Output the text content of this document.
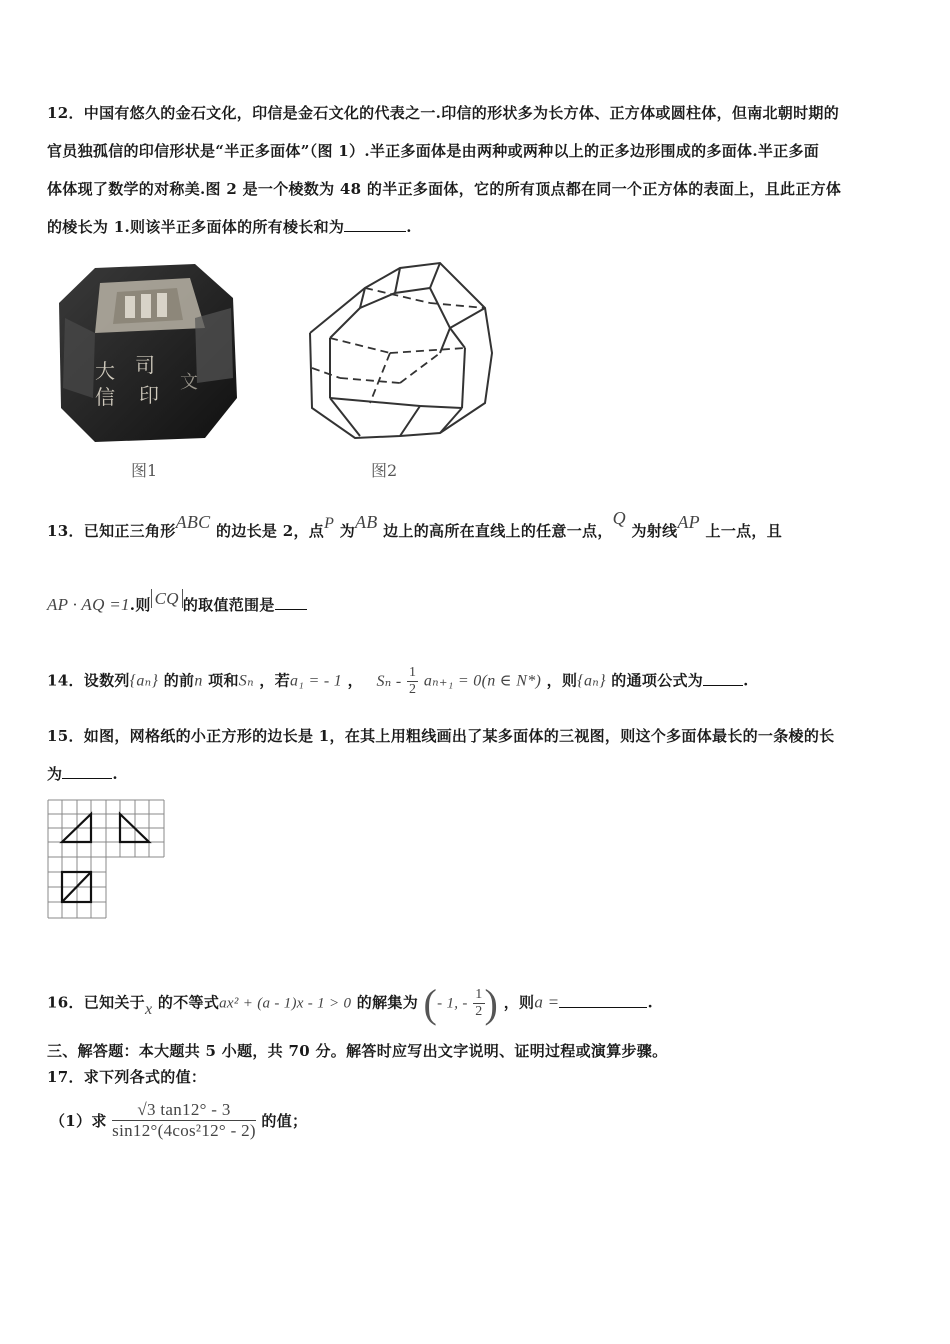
12．中国有悠久的金石文化，印信是金石文化的代表之一.印信的形状多为长方体、正方体或圆柱体，但南北朝时期的
官员独孤信的印信形状是“半正多面体”（图 1）.半正多面体是由两种或两种以上的正多边形围成的多面体.半正多面
体体现了数学的对称美.图 2 是一个棱数为 48 的半正多面体，它的所有顶点都在同一个正方体的表面上，且此正方体
的棱长为 1.则该半正多面体的所有棱长和为	.
大
信
司
印
文
图1	图2
13．已知正三角形ABC 的边长是 2，点P 为AB 边上的高所在直线上的任意一点，Q 为射线AP 上一点，且
AP · AQ =1.则 CQ 的取值范围是
14．设数列{aₙ} 的前n 项和Sₙ ，若a₁ = - 1 ， $S_n - \frac{1}{2} a_{n+1} = 0(n$ ∈ N*) ，则{aₙ} 的通项公式为	.
15．如图，网格纸的小正方形的边长是 1，在其上用粗线画出了某多面体的三视图，则这个多面体最长的一条棱的长
为	.
16．已知关于x 的不等式ax² + (a - 1)x - 1 > 0 的解集为 (- 1, - $\frac{1}{2}$ ) ，则a =	.
三、解答题：本大题共 5 小题，共 70 分。解答时应写出文字说明、证明过程或演算步骤。
17．求下列各式的值：
（1）求 $\frac{√3 \tan 12^\circ - 3}{\text{sin12°(4cos²12° - 2)}}$ 的值；
